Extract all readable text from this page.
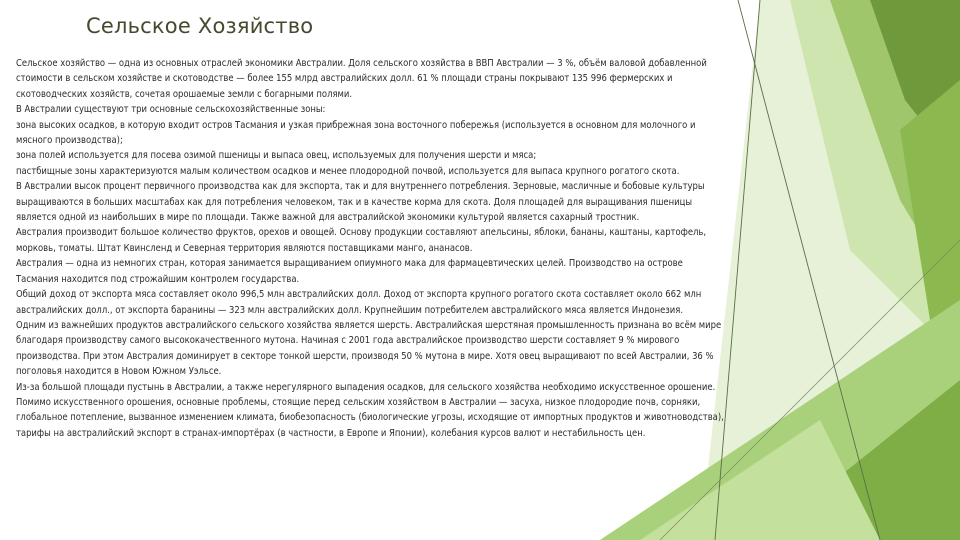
Сельское Хозяйство

Сельское хозяйство — одна из основных отраслей экономики Австралии. Доля сельского хозяйства в ВВП Австралии — 3 %, объём валовой добавленной стоимости в сельском хозяйстве и скотоводстве — более 155 млрд австралийских долл. 61 % площади страны покрывают 135 996 фермерских и скотоводческих хозяйств, сочетая орошаемые земли с богарными полями.

В Австралии существуют три основные сельскохозяйственные зоны:

зона высоких осадков, в которую входит остров Тасмания и узкая прибрежная зона восточного побережья (используется в основном для молочного и мясного производства);

зона полей используется для посева озимой пшеницы и выпаса овец, используемых для получения шерсти и мяса;

пастбищные зоны характеризуются малым количеством осадков и менее плодородной почвой, используется для выпаса крупного рогатого скота.

В Австралии высок процент первичного производства как для экспорта, так и для внутреннего потребления. Зерновые, масличные и бобовые культуры выращиваются в больших масштабах как для потребления человеком, так и в качестве корма для скота. Доля площадей для выращивания пшеницы является одной из наибольших в мире по площади. Также важной для австралийской экономики культурой является сахарный тростник.

Австралия производит большое количество фруктов, орехов и овощей. Основу продукции составляют апельсины, яблоки, бананы, каштаны, картофель, морковь, томаты. Штат Квинсленд и Северная территория являются поставщиками манго, ананасов.

Австралия — одна из немногих стран, которая занимается выращиванием опиумного мака для фармацевтических целей. Производство на острове Тасмания находится под строжайшим контролем государства.

Общий доход от экспорта мяса составляет около 996,5 млн австралийских долл. Доход от экспорта крупного рогатого скота составляет около 662 млн австралийских долл., от экспорта баранины — 323 млн австралийских долл. Крупнейшим потребителем австралийского мяса является Индонезия.

Одним из важнейших продуктов австралийского сельского хозяйства является шерсть. Австралийская шерстяная промышленность признана во всём мире благодаря производству самого высококачественного мутона. Начиная с 2001 года австралийское производство шерсти составляет 9 % мирового производства. При этом Австралия доминирует в секторе тонкой шерсти, производя 50 % мутона в мире. Хотя овец выращивают по всей Австралии, 36 % поголовья находится в Новом Южном Уэльсе.

Из-за большой площади пустынь в Австралии, а также нерегулярного выпадения осадков, для сельского хозяйства необходимо искусственное орошение. Помимо искусственного орошения, основные проблемы, стоящие перед сельским хозяйством в Австралии — засуха, низкое плодородие почв, сорняки, глобальное потепление, вызванное изменением климата, биобезопасность (биологические угрозы, исходящие от импортных продуктов и животноводства), тарифы на австралийский экспорт в странах-импортёрах (в частности, в Европе и Японии), колебания курсов валют и нестабильность цен.
